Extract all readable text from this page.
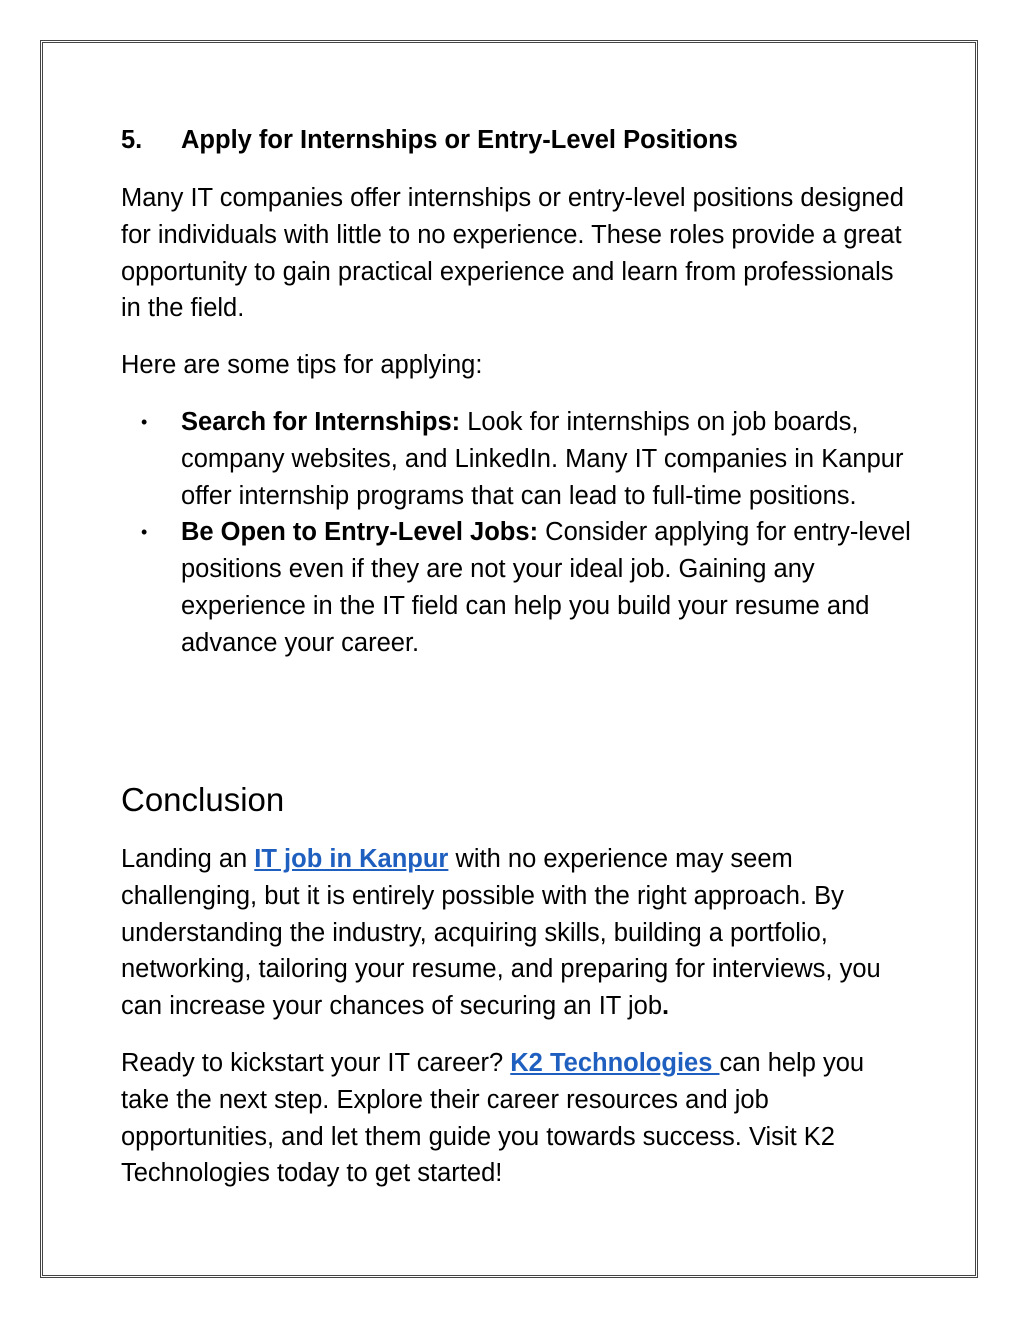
5.	Apply for Internships or Entry-Level Positions

Many IT companies offer internships or entry-level positions designed for individuals with little to no experience. These roles provide a great opportunity to gain practical experience and learn from professionals in the field.

Here are some tips for applying:

• Search for Internships: Look for internships on job boards, company websites, and LinkedIn. Many IT companies in Kanpur offer internship programs that can lead to full-time positions.
• Be Open to Entry-Level Jobs: Consider applying for entry-level positions even if they are not your ideal job. Gaining any experience in the IT field can help you build your resume and advance your career.
Conclusion

Landing an IT job in Kanpur with no experience may seem challenging, but it is entirely possible with the right approach. By understanding the industry, acquiring skills, building a portfolio, networking, tailoring your resume, and preparing for interviews, you can increase your chances of securing an IT job.

Ready to kickstart your IT career? K2 Technologies can help you take the next step. Explore their career resources and job opportunities, and let them guide you towards success. Visit K2 Technologies today to get started!
